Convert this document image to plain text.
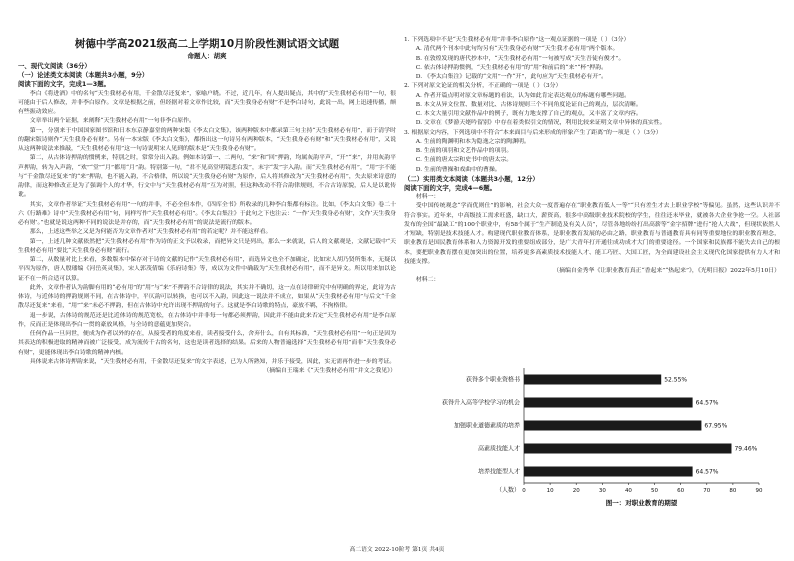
树德中学高2021级高二上学期10月阶段性测试语文试题
命题人：胡爽
一、现代文阅读（36分）
（一）论述类文本阅读（本题共3小题，9分）
阅读下面的文字，完成1—3题。

李白《将进酒》中的名句“天生我材必有用，千金散尽还复来”，家喻户晓。不过，近几年，有人提出疑点，其中的“天生我材必有用”一句，很可能由于后人修改，并非李白原作。文章是根据之前，但经据对着文章作比较，而“天生我身必有财”不是李白诗句，此说一出，网上迅速传播，颇有些振动效应。

文章举出两个证据，来阐释“天生我材必有用”一句非李白原作。

第一，分别来于中国国家图书馆和日本东京静嘉堂的两种宋版《李太白文集》，该两种版本中都录第三句主持“天生我材必有用”，而于清学时的翻宋版诗则作“天生我身必有财”。另有一本宋版《李太白文集》，都指出这一句诗另有两种版本，“天生我身必有财”和“天生我材必有用”，又说从这两种说法来推敲，“天生我材必有用”这一句诗说明宋人见到的版本是“天生我身必有财”。

第二，从古体诗押韵的惯例来，特别之时，常常分出入韵。例如本诗第一、二两句，“来”和“回”押韵，均属灰韵平声，“开”“来”，并用灰韵平声押韵，转为入声韵，“欢”“堂”“月”都用“月”韵。特别第一句，“君不见高堂明镜悲白发”，末字“发”字入韵。而“天生我材必有用”，“用”字不能与“千金散尽还复来”的“来”押韵，也不能入韵，不合格律，所以说“天生我身必有财”为原作，后人将其修改为“天生我材必有用”，失去原来诗意的韵律，而这种修改正是为了强调个人的才华，行文中与“天生我材必有用”互为对照，但这种改动不符合韵律规则，不合古诗原貌，后人是以讹传讹。

其实，文章作者举证“天生我材必有用”一句的并非，不必全但本作，《四库全书》所收录的几种李白集都有标注。比如，《李太白文集》卷二十六《行路难》诗中“天生我材必有用”句，同样写作“天生我材必有用”。《李太白集注》于此句之下也注云：“一作‘天生我身必有财’，文作‘天生我身必有财’。”也就是说这两种不同的说法是并存的，而“天生我材必有用”的说法是流行的版本。

那么，上述这些举之又是为何能否为文章作者对“天生我材必有用”的若定呢？并不能这样看。

第一，上述几种文献依然把“天生我材必有用”作为诗的正文予以收录，而把异文只是列出，那么一来就说，后人的文献观是，文献记载中“天生我材必有用”要比“天生我身必有财”流行。

第二，从数量对比上来看，多数版本中保存对于诗的文献的记作“天生我材必有用”，而选异文也全不加确定，比如宋人胡乃贤所集本，无疑以平四为原作，唐人殷璠编《河岳英灵集》，宋人郭茂倩编《乐府诗集》等，成以为文件中确载为“天生我材必有用”，而不是异文。所以用来加以论证不在一所合适可以算。

此外，文章作者认为韵脚有用的“必有用”的“用”与“来”不押韵不合诗律的说法，其实并不确切，这一点在诗律研究中有明确的界定，此诗为古体诗，与近体诗的押韵规则不同，在古体诗中，平仄韵可以转换，也可以不入韵，因此这一说法并不成立，如果从“天生我材必有用”与后文“千金散尽还复来”来看，“用”“来”未必不押韵，但在古体诗中允许出现不押韵的句子。这就是李白诗歌的特点，豪放不羁，不拘格律。

退一步说，古体诗的规范还是比近体诗的规范宽松，在古体诗中并非每一句都必须押韵，因此并不能由此来否定“天生我材必有用”是李白原作，反而正是体现出李白一贯的豪放风格，与全诗的意蕴更加契合。

任何作品一旦问世，便成为作者以外的存在，从接受者的角度来看，读者接受什么，舍弃什么，自有其标准，“天生我材必有用”一句正是因为其表达的积极进取的精神而被广泛接受，成为流传千古的名句，这也是读者选择的结果。后来的人物普遍选择“天生我材必有用”而非“天生我身必有财”，更能体现出李白诗歌的精神内核。

具体说来古体诗押韵来说，“天生我材必有用，千金散尽还复来”的文字表述，已为人所熟知，并乐于接受，因此，实无需再作进一步的考证。

（摘编自王瑞来《“天生我材必有用”并文之我见》）

1. 下列选项中不是“天生我材必有用”并非李白原作”这一观点证据的一项是（ ）（3分）

A. 清代两个刊本中此句均另有“天生我身必有财”“天生我才必有用”两个版本。

B. 在敦煌发现的唐代抄本中，“天生我材必有用”一句被写成“天生吾徒有俊才”。

C. 依古体诗押韵惯例，“天生我材必有用”的“用”和前后的“来”“杯”押韵。

D. 《李太白集注》记载的“文用”一作“开”，此句应为“天生我材必有开”。

2. 下列对原文论证的相关分析，不正确的一项是（ ）（3分）

A. 作者开篇点明对原文章标题的看法，认为如此肯定表达观点的标题有哪些问题。

B. 本文从异文位置、数量对比、古体诗规则三个不同角度论证自己的观点，层次清晰。

C. 本文大量引用文献作品中的例子，既有力地支撑了自己的观点，又丰富了文章内容。

D. 文章在《梦游天姥吟留别》中存在着类似引文的情况，利用比较来证明文章中异体的真实性。

3. 根据原文内容，下列选项中不符合“本来面目与后来形成的形象产生了距离”的一项是（ ）（3分）

A. 生前的陶渊明和本为隐逸之宗的陶渊明。

B. 生前的项羽和文艺作品中的项羽。

C. 生前的唐太宗和史书中的唐太宗。

D. 生前的曹操和戏曲中的曹操。

（二）实用类文本阅读（本题共3小题，12分）
阅读下面的文字，完成4—6题。

材料一：

受中国传统观念“学而优则仕”的影响，社会大众一度普遍存在“职业教育低人一等”“只有差生才去上职业学校”等偏见。虽然，这些认识并不符合事实。近年来，中高级技工需求旺盛，缺口大，薪资高，很多中高级职业技术院校的学生，往往还未毕业，就被各大企业争抢一空。人社部发布的全国“最缺工”的100个职业中，有58个属于“生产制造及有关人员”，尽管各地纷纷打出高薪等“金字招牌”进行“抢人大战”，但现状依然人才短缺，特别是技术技能人才。构建现代职业教育体系，是职业教育发展的必由之路，职业教育与普通教育具有同等重要地位的职业教育理念，职业教育是国民教育体系和人力资源开发的重要组成部分，是广大青年打开通往成功成才大门的重要途径。一个国家和民族都不能失去自己的根本，要把职业教育摆在更加突出的位置，培养更多高素质技术技能人才、能工巧匠、大国工匠，为全面建设社会主义现代化国家提供有力人才和技能支撑。

（摘编自金秀华《让职业教育真正“香起来”“热起来”》，《光明日报》2022年5月10日）

材料二：

获得多个职业资格书	52.55%
获得升入高等学校学习的机会	64.57%
加强职业道德素质的培养	67.95%
高素质技能人才	79.46%
培养技能型人才	64.57%
0	10	20	30	40	50	60	70	80	90
（人数）
图一：对职业教育的期望
高二语文 2022-10阶考 第1页 共4页
